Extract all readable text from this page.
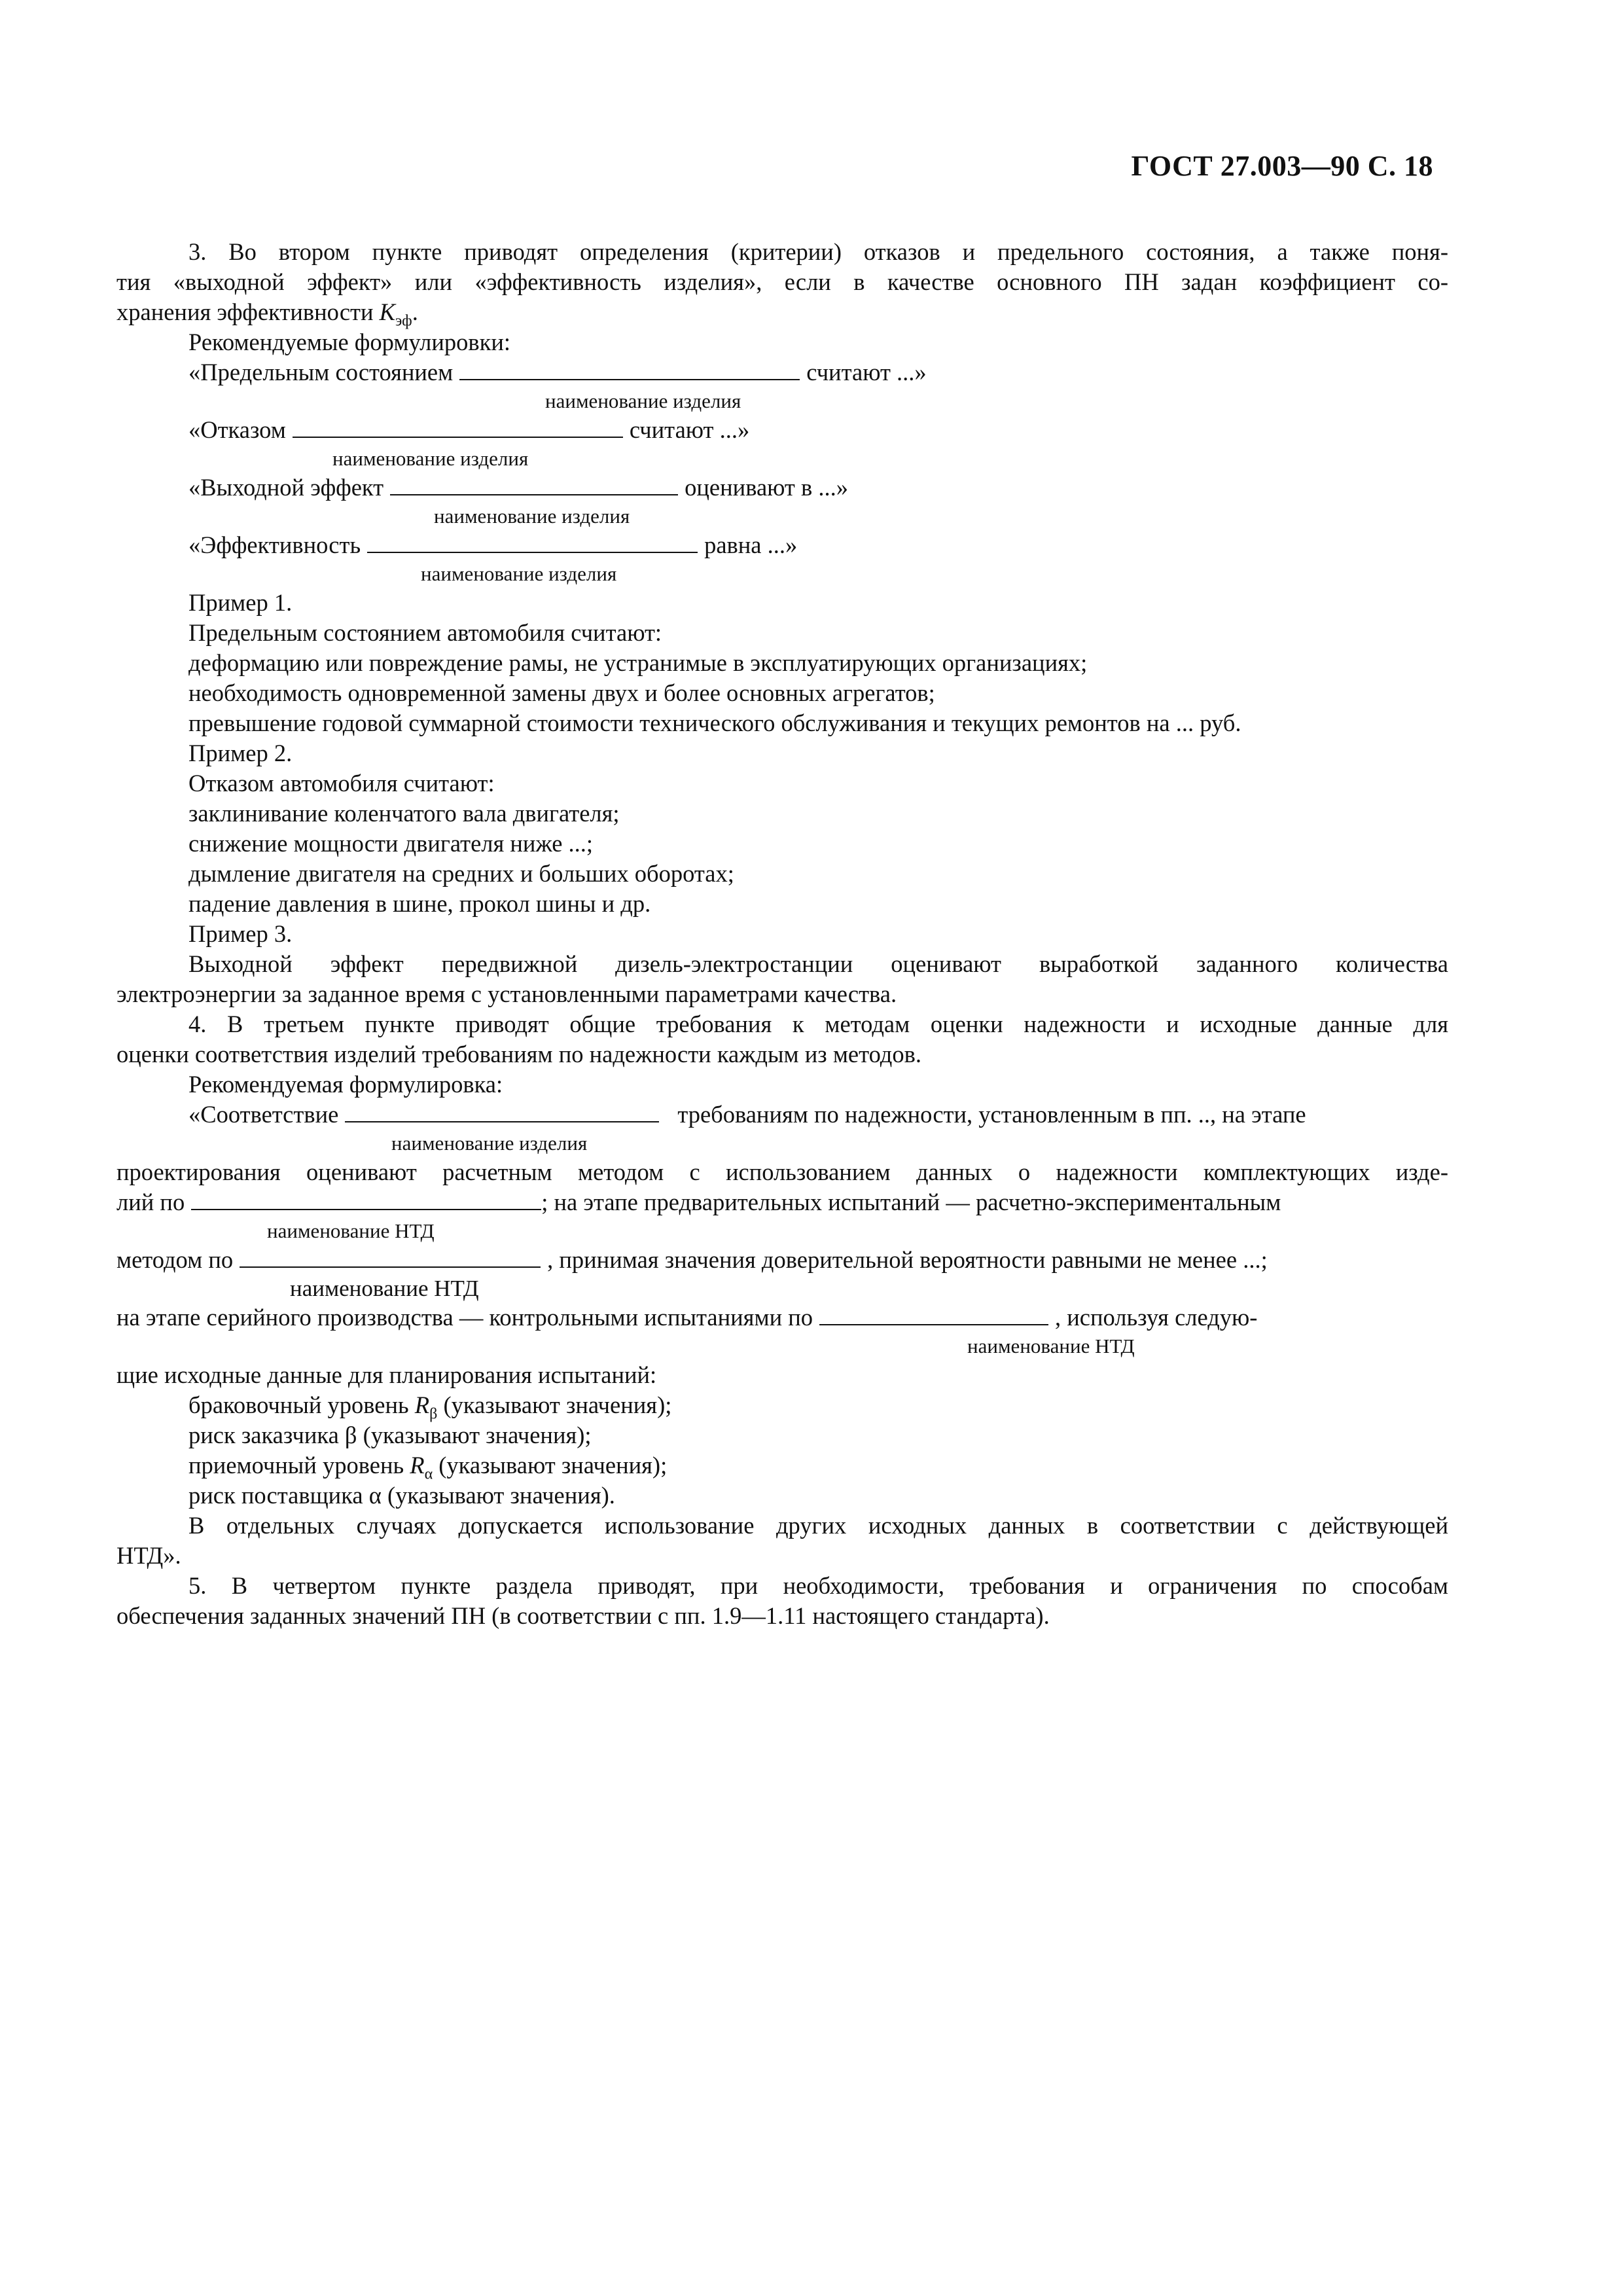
ГОСТ 27.003—90 С. 18
3. Во втором пункте приводят определения (критерии) отказов и предельного состояния, а также поня-
тия «выходной эффект» или «эффективность изделия», если в качестве основного ПН задан коэффициент со-
хранения эффективности $K_{эф}$.
Рекомендуемые формулировки:
«Предельным состоянием	считают ...»
наименование изделия
«Отказом	считают ...»
наименование изделия
«Выходной эффект	оценивают в ...»
наименование изделия
«Эффективность	равна ...»
наименование изделия
Пример 1.
Предельным состоянием автомобиля считают:
деформацию или повреждение рамы, не устранимые в эксплуатирующих организациях;
необходимость одновременной замены двух и более основных агрегатов;
превышение годовой суммарной стоимости технического обслуживания и текущих ремонтов на ... руб.
Пример 2.
Отказом автомобиля считают:
заклинивание коленчатого вала двигателя;
снижение мощности двигателя ниже ...;
дымление двигателя на средних и больших оборотах;
падение давления в шине, прокол шины и др.
Пример 3.
Выходной эффект передвижной дизель-электростанции оценивают выработкой заданного количества
электроэнергии за заданное время с установленными параметрами качества.
4. В третьем пункте приводят общие требования к методам оценки надежности и исходные данные для
оценки соответствия изделий требованиям по надежности каждым из методов.
Рекомендуемая формулировка:
«Соответствие	требованиям по надежности, установленным в пп. .., на этапе
наименование изделия
проектирования оценивают расчетным методом с использованием данных о надежности комплектующих изде-
лий по	; на этапе предварительных испытаний — расчетно-экспериментальным
наименование НТД
методом по	, принимая значения доверительной вероятности равными не менее ...;
наименование НТД
на этапе серийного производства — контрольными испытаниями по	, используя следую-
наименование НТД
щие исходные данные для планирования испытаний:
браковочный уровень $R_\beta$ (указывают значения);
риск заказчика β (указывают значения);
приемочный уровень $R_\alpha$ (указывают значения);
риск поставщика α (указывают значения).
В отдельных случаях допускается использование других исходных данных в соответствии с действующей
НТД».
5. В четвертом пункте раздела приводят, при необходимости, требования и ограничения по способам
обеспечения заданных значений ПН (в соответствии с пп. 1.9—1.11 настоящего стандарта).
